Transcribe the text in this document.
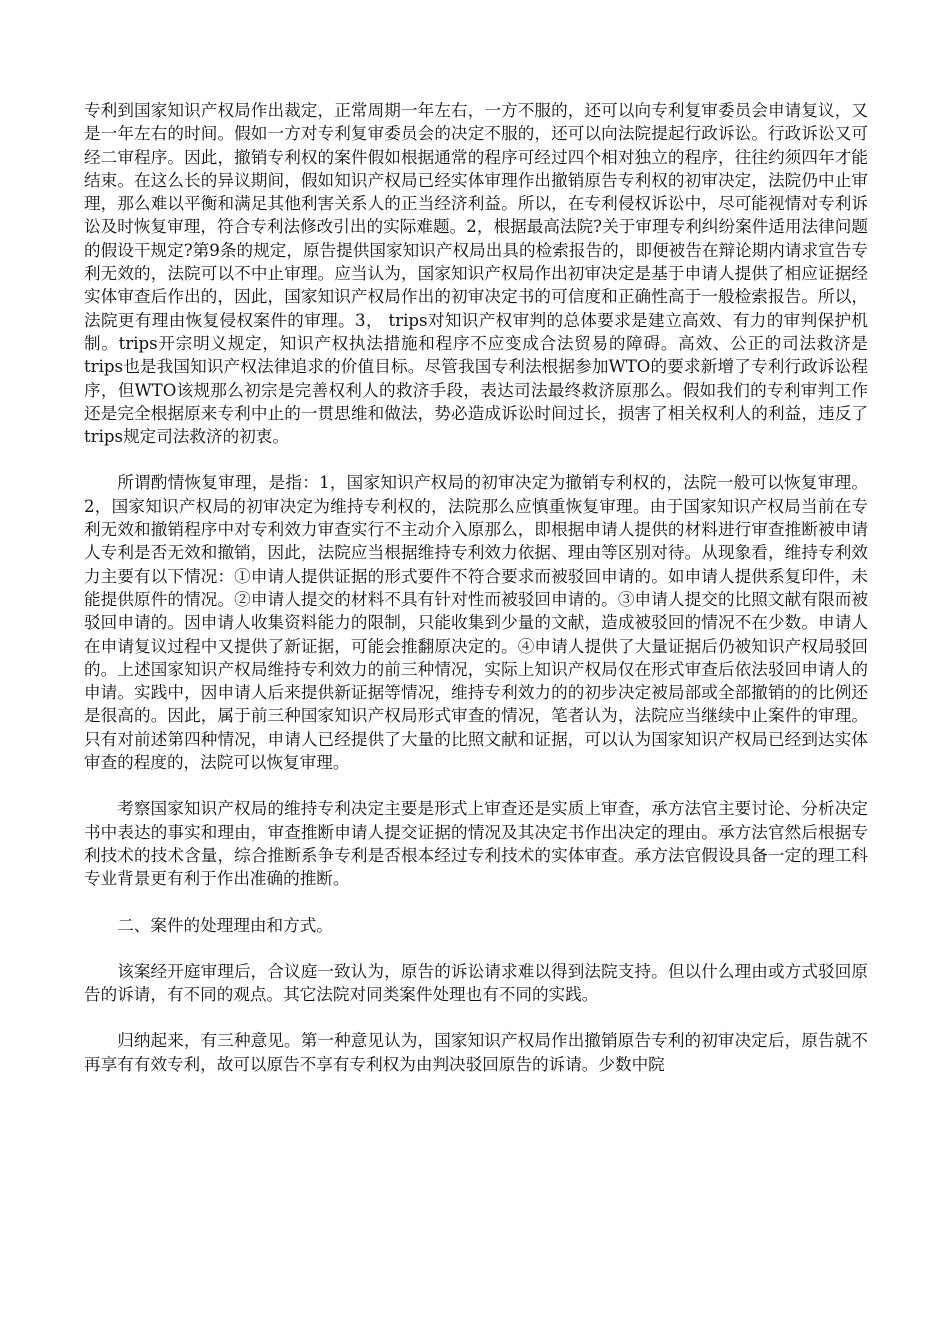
专利到国家知识产权局作出裁定，正常周期一年左右，一方不服的，还可以向专利复审委员会申请复议，又是一年左右的时间。假如一方对专利复审委员会的决定不服的，还可以向法院提起行政诉讼。行政诉讼又可经二审程序。因此，撤销专利权的案件假如根据通常的程序可经过四个相对独立的程序，往往约须四年才能结束。在这么长的异议期间，假如知识产权局已经实体审理作出撤销原告专利权的初审决定，法院仍中止审理，那么难以平衡和满足其他利害关系人的正当经济利益。所以，在专利侵权诉讼中，尽可能视情对专利诉讼及时恢复审理，符合专利法修改引出的实际难题。2，根据最高法院?关于审理专利纠纷案件适用法律问题的假设干规定?第9条的规定，原告提供国家知识产权局出具的检索报告的，即便被告在辩论期内请求宣告专利无效的，法院可以不中止审理。应当认为，国家知识产权局作出初审决定是基于申请人提供了相应证据经实体审查后作出的，因此，国家知识产权局作出的初审决定书的可信度和正确性高于一般检索报告。所以，法院更有理由恢复侵权案件的审理。3， trips对知识产权审判的总体要求是建立高效、有力的审判保护机制。trips开宗明义规定，知识产权执法措施和程序不应变成合法贸易的障碍。高效、公正的司法救济是trips也是我国知识产权法律追求的价值目标。尽管我国专利法根据参加WTO的要求新增了专利行政诉讼程序，但WTO该规那么初宗是完善权利人的救济手段，表达司法最终救济原那么。假如我们的专利审判工作还是完全根据原来专利中止的一贯思维和做法，势必造成诉讼时间过长，损害了相关权利人的利益，违反了trips规定司法救济的初衷。

所谓酌情恢复审理，是指：1，国家知识产权局的初审决定为撤销专利权的，法院一般可以恢复审理。2，国家知识产权局的初审决定为维持专利权的，法院那么应慎重恢复审理。由于国家知识产权局当前在专利无效和撤销程序中对专利效力审查实行不主动介入原那么，即根据申请人提供的材料进行审查推断被申请人专利是否无效和撤销，因此，法院应当根据维持专利效力依据、理由等区别对待。从现象看，维持专利效力主要有以下情况：①申请人提供证据的形式要件不符合要求而被驳回申请的。如申请人提供系复印件，未能提供原件的情况。②申请人提交的材料不具有针对性而被驳回申请的。③申请人提交的比照文献有限而被驳回申请的。因申请人收集资料能力的限制，只能收集到少量的文献，造成被驳回的情况不在少数。申请人在申请复议过程中又提供了新证据，可能会推翻原决定的。④申请人提供了大量证据后仍被知识产权局驳回的。上述国家知识产权局维持专利效力的前三种情况，实际上知识产权局仅在形式审查后依法驳回申请人的申请。实践中，因申请人后来提供新证据等情况，维持专利效力的的初步决定被局部或全部撤销的的比例还是很高的。因此，属于前三种国家知识产权局形式审查的情况，笔者认为，法院应当继续中止案件的审理。只有对前述第四种情况，申请人已经提供了大量的比照文献和证据，可以认为国家知识产权局已经到达实体审查的程度的，法院可以恢复审理。

考察国家知识产权局的维持专利决定主要是形式上审查还是实质上审查，承方法官主要讨论、分析决定书中表达的事实和理由，审查推断申请人提交证据的情况及其决定书作出决定的理由。承方法官然后根据专利技术的技术含量，综合推断系争专利是否根本经过专利技术的实体审查。承方法官假设具备一定的理工科专业背景更有利于作出准确的推断。

二、案件的处理理由和方式。

该案经开庭审理后，合议庭一致认为，原告的诉讼请求难以得到法院支持。但以什么理由或方式驳回原告的诉请，有不同的观点。其它法院对同类案件处理也有不同的实践。

归纳起来，有三种意见。第一种意见认为，国家知识产权局作出撤销原告专利的初审决定后，原告就不再享有有效专利，故可以原告不享有专利权为由判决驳回原告的诉请。少数中院
